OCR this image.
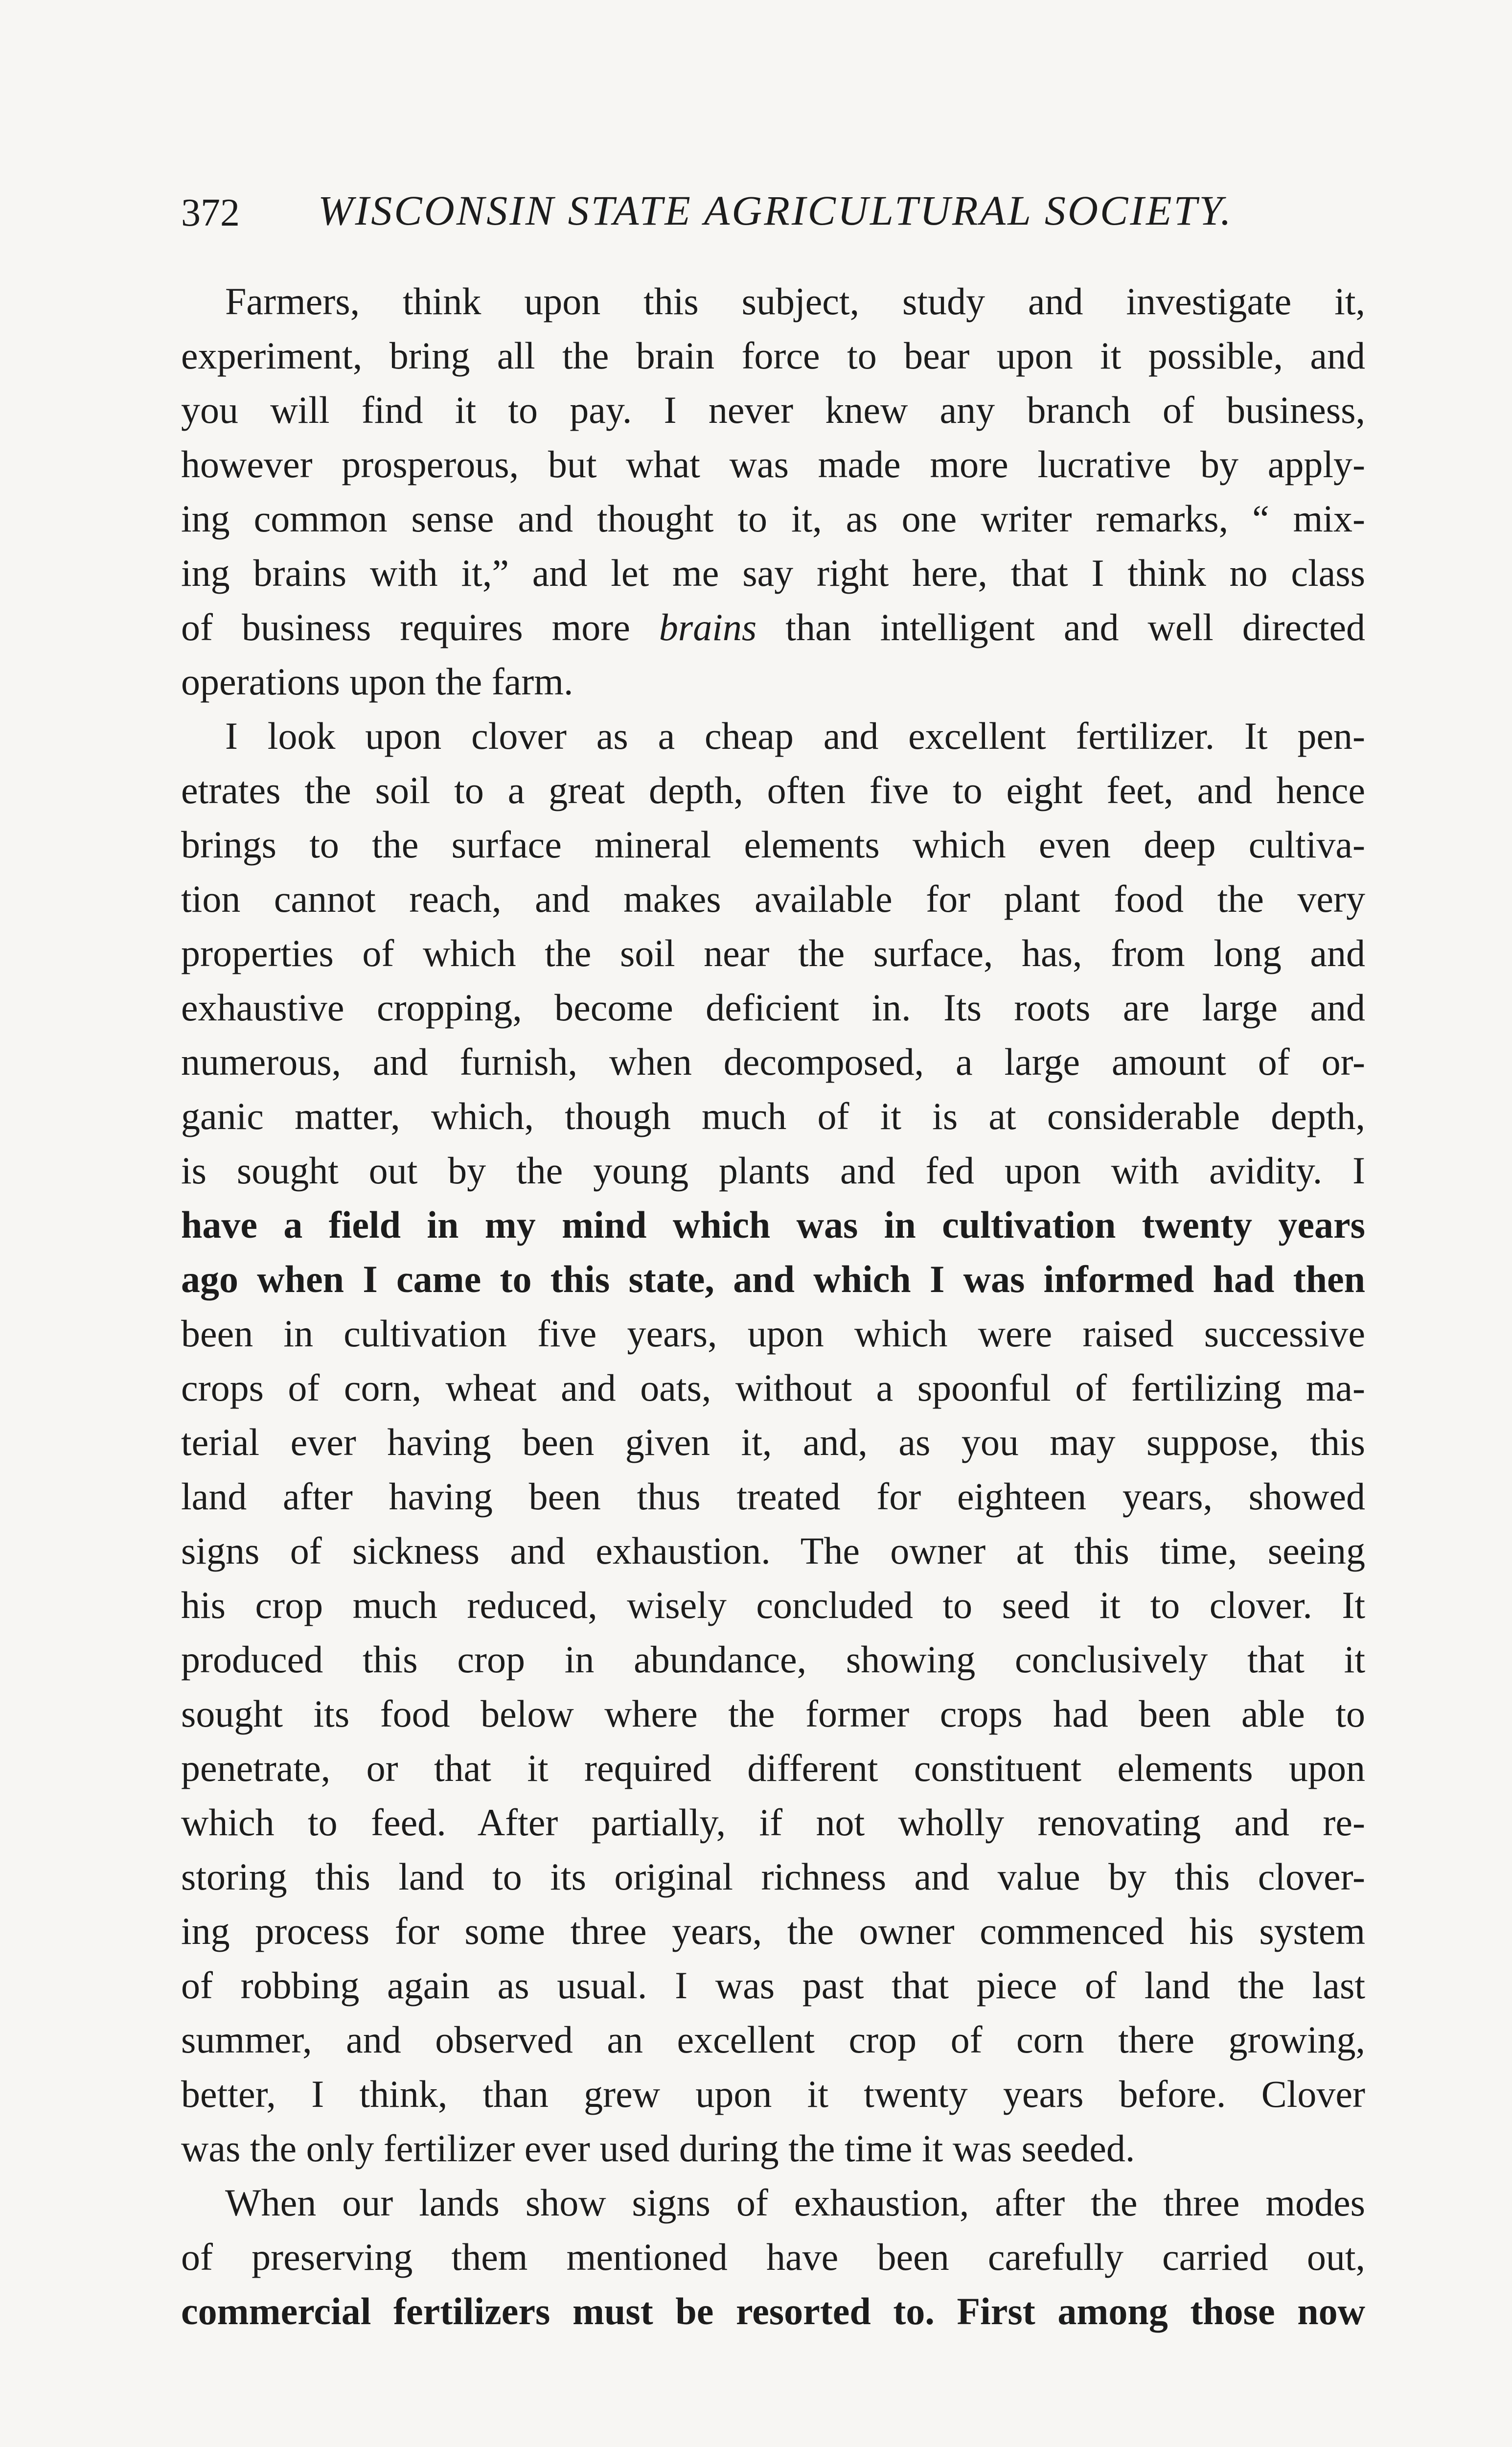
372 WISCONSIN STATE AGRICULTURAL SOCIETY.
Farmers, think upon this subject, study and investigate it,
experiment, bring all the brain force to bear upon it possible, and
you will find it to pay. I never knew any branch of business,
however prosperous, but what was made more lucrative by apply-
ing common sense and thought to it, as one writer remarks, “ mix-
ing brains with it,” and let me say right here, that I think no class
of business requires more brains than intelligent and well directed
operations upon the farm.
I look upon clover as a cheap and excellent fertilizer. It pen-
etrates the soil to a great depth, often five to eight feet, and hence
brings to the surface mineral elements which even deep cultiva-
tion cannot reach, and makes available for plant food the very
properties of which the soil near the surface, has, from long and
exhaustive cropping, become deficient in. Its roots are large and
numerous, and furnish, when decomposed, a large amount of or-
ganic matter, which, though much of it is at considerable depth,
is sought out by the young plants and fed upon with avidity. I
have a field in my mind which was in cultivation twenty years
ago when I came to this state, and which I was informed had then
been in cultivation five years, upon which were raised successive
crops of corn, wheat and oats, without a spoonful of fertilizing ma-
terial ever having been given it, and, as you may suppose, this
land after having been thus treated for eighteen years, showed
signs of sickness and exhaustion. The owner at this time, seeing
his crop much reduced, wisely concluded to seed it to clover. It
produced this crop in abundance, showing conclusively that it
sought its food below where the former crops had been able to
penetrate, or that it required different constituent elements upon
which to feed. After partially, if not wholly renovating and re-
storing this land to its original richness and value by this clover-
ing process for some three years, the owner commenced his system
of robbing again as usual. I was past that piece of land the last
summer, and observed an excellent crop of corn there growing,
better, I think, than grew upon it twenty years before. Clover
was the only fertilizer ever used during the time it was seeded.
When our lands show signs of exhaustion, after the three modes
of preserving them mentioned have been carefully carried out,
commercial fertilizers must be resorted to. First among those now
